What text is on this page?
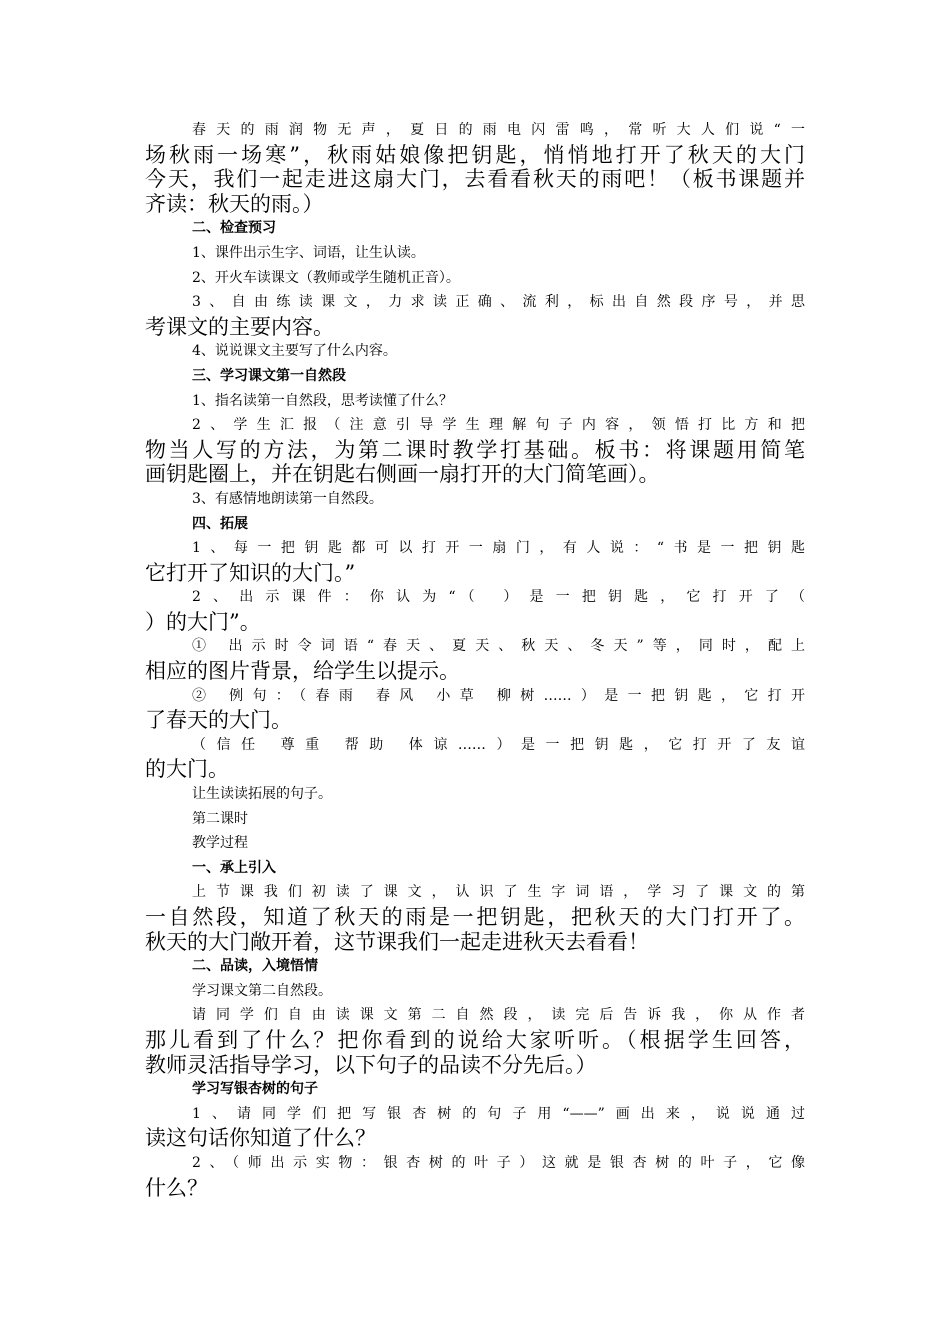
春天的雨润物无声，夏日的雨电闪雷鸣，常听大人们说“一
场秋雨一场寒”，秋雨姑娘像把钥匙，悄悄地打开了秋天的大门
今天，我们一起走进这扇大门，去看看秋天的雨吧！（板书课题并
齐读：秋天的雨。）
二、检查预习
1、课件出示生字、词语，让生认读。
2、开火车读课文（教师或学生随机正音）。
3、自由练读课文，力求读正确、流利，标出自然段序号，并思
考课文的主要内容。
4、说说课文主要写了什么内容。
三、学习课文第一自然段
1、指名读第一自然段，思考读懂了什么？
2、学生汇报（注意引导学生理解句子内容，领悟打比方和把
物当人写的方法，为第二课时教学打基础。板书：将课题用简笔
画钥匙圈上，并在钥匙右侧画一扇打开的大门简笔画）。
3、有感情地朗读第一自然段。
四、拓展
1、每一把钥匙都可以打开一扇门，有人说：“书是一把钥匙
它打开了知识的大门。”
2、出示课件：你认为“（ ）是一把钥匙，它打开了（
）的大门”。
① 出示时令词语“春天、夏天、秋天、冬天”等，同时，配上
相应的图片背景，给学生以提示。
② 例句：（春雨 春风 小草 柳树……）是一把钥匙，它打开
了春天的大门。
（信任 尊重 帮助 体谅……）是一把钥匙，它打开了友谊
的大门。
让生读读拓展的句子。
第二课时
教学过程
一、承上引入
上节课我们初读了课文，认识了生字词语，学习了课文的第
一自然段，知道了秋天的雨是一把钥匙，把秋天的大门打开了。
秋天的大门敞开着，这节课我们一起走进秋天去看看！
二、品读，入境悟情
学习课文第二自然段。
请同学们自由读课文第二自然段，读完后告诉我，你从作者
那儿看到了什么？把你看到的说给大家听听。（根据学生回答，
教师灵活指导学习，以下句子的品读不分先后。）
学习写银杏树的句子
1、请同学们把写银杏树的句子用“——”画出来，说说通过
读这句话你知道了什么？
2、（师出示实物：银杏树的叶子）这就是银杏树的叶子，它像
什么？
